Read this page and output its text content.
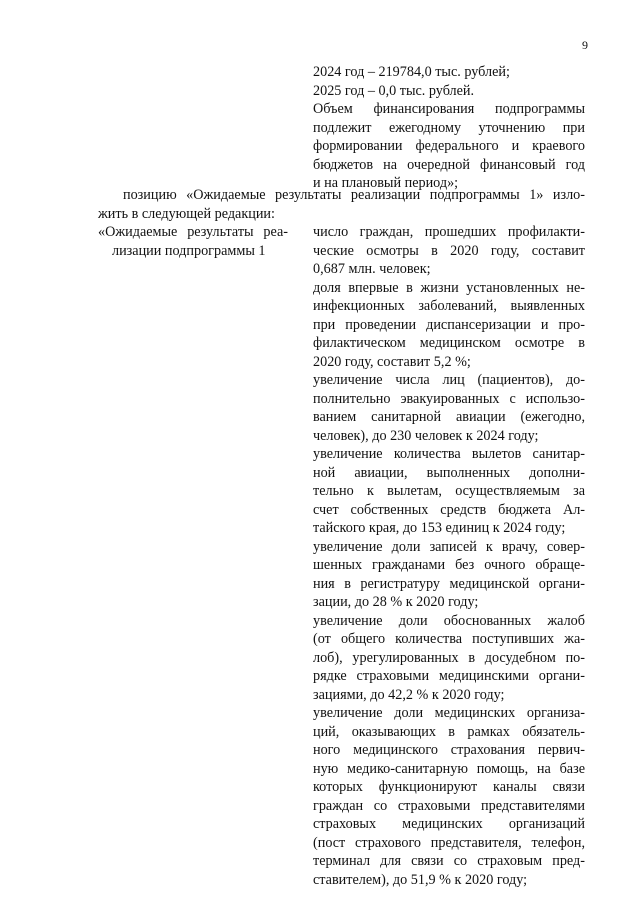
9
2024 год – 219784,0 тыс. рублей;
2025 год – 0,0 тыс. рублей.
Объем финансирования подпрограммы
подлежит ежегодному уточнению при
формировании федерального и краевого
бюджетов на очередной финансовый год
и на плановый период»;
позицию «Ожидаемые результаты реализации подпрограммы 1» изло-
жить в следующей редакции:
«Ожидаемые результаты реа-
лизации подпрограммы 1
число граждан, прошедших профилакти-
ческие осмотры в 2020 году, составит
0,687 млн. человек;
доля впервые в жизни установленных не-
инфекционных заболеваний, выявленных
при проведении диспансеризации и про-
филактическом медицинском осмотре в
2020 году, составит 5,2 %;
увеличение числа лиц (пациентов), до-
полнительно эвакуированных с использо-
ванием санитарной авиации (ежегодно,
человек), до 230 человек к 2024 году;
увеличение количества вылетов санитар-
ной авиации, выполненных дополни-
тельно к вылетам, осуществляемым за
счет собственных средств бюджета Ал-
тайского края, до 153 единиц к 2024 году;
увеличение доли записей к врачу, совер-
шенных гражданами без очного обраще-
ния в регистратуру медицинской органи-
зации, до 28 % к 2020 году;
увеличение доли обоснованных жалоб
(от общего количества поступивших жа-
лоб), урегулированных в досудебном по-
рядке страховыми медицинскими органи-
зациями, до 42,2 % к 2020 году;
увеличение доли медицинских организа-
ций, оказывающих в рамках обязатель-
ного медицинского страхования первич-
ную медико-санитарную помощь, на базе
которых функционируют каналы связи
граждан со страховыми представителями
страховых медицинских организаций
(пост страхового представителя, телефон,
терминал для связи со страховым пред-
ставителем), до 51,9 % к 2020 году;
